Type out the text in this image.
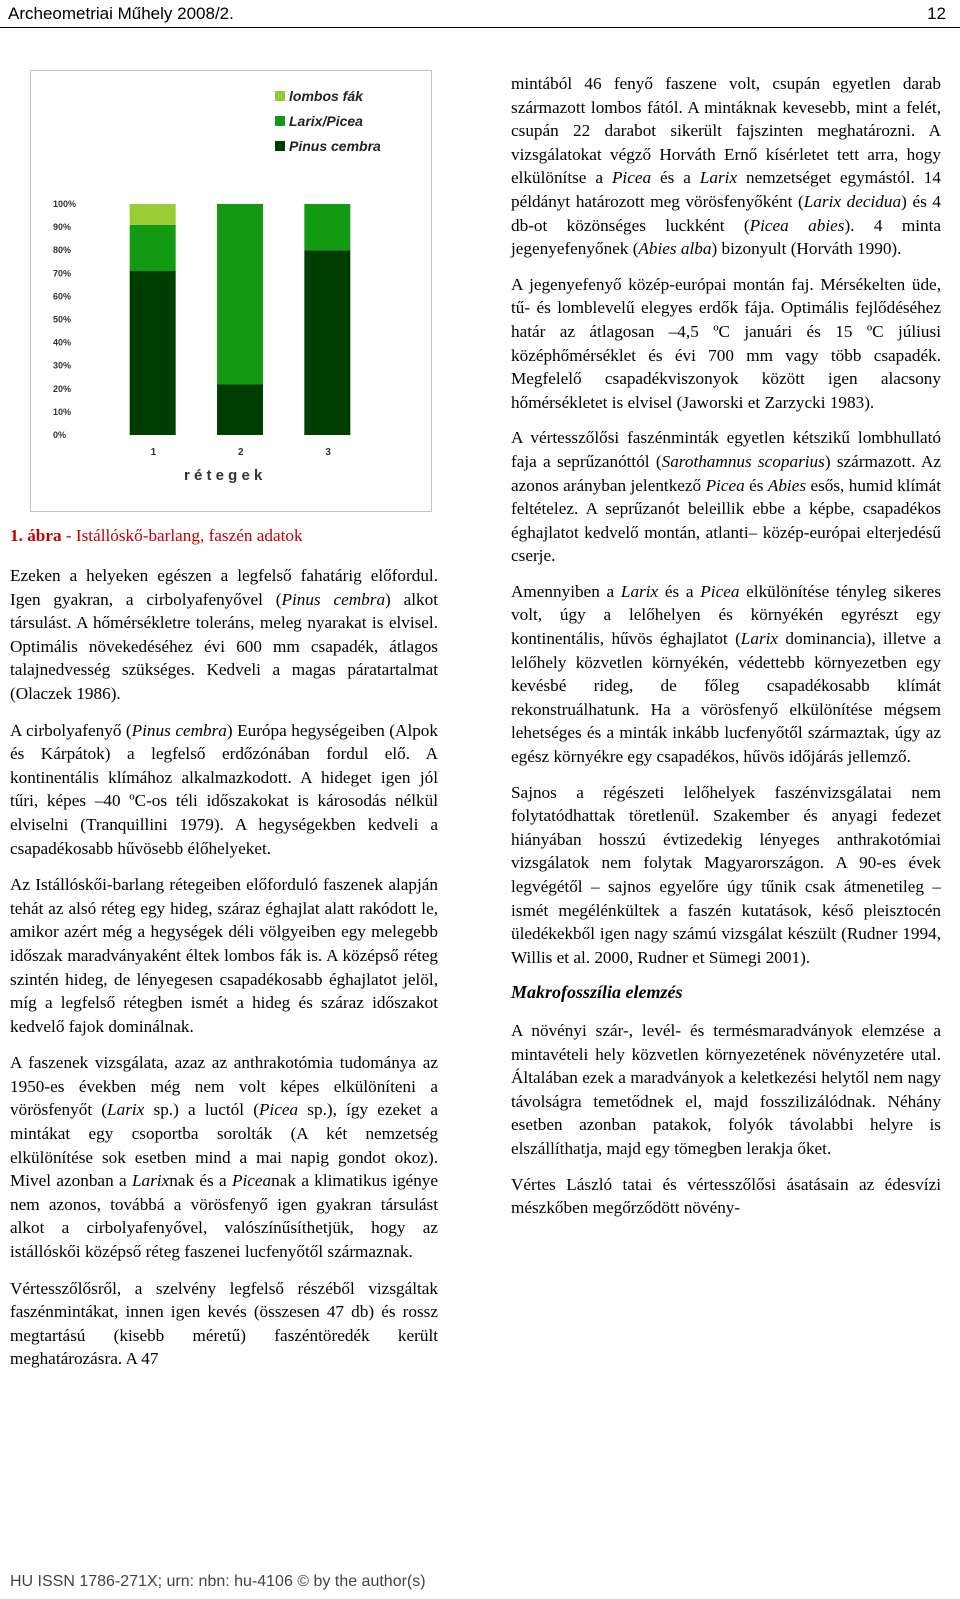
Archeometriai Műhely 2008/2.	12
0%
10%
20%
30%
40%
50%
60%
70%
80%
90%
100%
1	2	3
r é t e g e k
lombos fák
Larix/Picea
Pinus cembra
1. ábra - Istállóskő-barlang, faszén adatok

Ezeken a helyeken egészen a legfelső fahatárig előfordul. Igen gyakran, a cirbolyafenyővel (Pinus cembra) alkot társulást. A hőmérsékletre toleráns, meleg nyarakat is elvisel. Optimális növekedéséhez évi 600 mm csapadék, átlagos talajnedvesség szükséges. Kedveli a magas páratartalmat (Olaczek 1986).

A cirbolyafenyő (Pinus cembra) Európa hegységeiben (Alpok és Kárpátok) a legfelső erdőzónában fordul elő. A kontinentális klímához alkalmazkodott. A hideget igen jól tűri, képes –40 ºC-os téli időszakokat is károsodás nélkül elviselni (Tranquillini 1979). A hegységekben kedveli a csapadékosabb hűvösebb élőhelyeket.

Az Istállóskői-barlang rétegeiben előforduló faszenek alapján tehát az alsó réteg egy hideg, száraz éghajlat alatt rakódott le, amikor azért még a hegységek déli völgyeiben egy melegebb időszak maradványaként éltek lombos fák is. A középső réteg szintén hideg, de lényegesen csapadékosabb éghajlatot jelöl, míg a legfelső rétegben ismét a hideg és száraz időszakot kedvelő fajok dominálnak.

A faszenek vizsgálata, azaz az anthrakotómia tudománya az 1950-es években még nem volt képes elkülöníteni a vörösfenyőt (Larix sp.) a luctól (Picea sp.), így ezeket a mintákat egy csoportba sorolták (A két nemzetség elkülönítése sok esetben mind a mai napig gondot okoz). Mivel azonban a Larixnak és a Piceanak a klimatikus igénye nem azonos, továbbá a vörösfenyő igen gyakran társulást alkot a cirbolyafenyővel, valószínűsíthetjük, hogy az istállóskői középső réteg faszenei lucfenyőtől származnak.

Vértesszőlősről, a szelvény legfelső részéből vizsgáltak faszénmintákat, innen igen kevés (összesen 47 db) és rossz megtartású (kisebb méretű) faszéntöredék került meghatározásra. A 47

mintából 46 fenyő faszene volt, csupán egyetlen darab származott lombos fától. A mintáknak kevesebb, mint a felét, csupán 22 darabot sikerült fajszinten meghatározni. A vizsgálatokat végző Horváth Ernő kísérletet tett arra, hogy elkülönítse a Picea és a Larix nemzetséget egymástól. 14 példányt határozott meg vörösfenyőként (Larix decidua) és 4 db-ot közönséges luckként (Picea abies). 4 minta jegenyefenyőnek (Abies alba) bizonyult (Horváth 1990).

A jegenyefenyő közép-európai montán faj. Mérsékelten üde, tű- és lomblevelű elegyes erdők fája. Optimális fejlődéséhez határ az átlagosan –4,5 ºC januári és 15 ºC júliusi középhőmérséklet és évi 700 mm vagy több csapadék. Megfelelő csapadékviszonyok között igen alacsony hőmérsékletet is elvisel (Jaworski et Zarzycki 1983).

A vértesszőlősi faszénminták egyetlen kétszikű lombhullató faja a seprűzanóttól (Sarothamnus scoparius) származott. Az azonos arányban jelentkező Picea és Abies esős, humid klímát feltételez. A seprűzanót beleillik ebbe a képbe, csapadékos éghajlatot kedvelő montán, atlanti– közép-európai elterjedésű cserje.

Amennyiben a Larix és a Picea elkülönítése tényleg sikeres volt, úgy a lelőhelyen és környékén egyrészt egy kontinentális, hűvös éghajlatot (Larix dominancia), illetve a lelőhely közvetlen környékén, védettebb környezetben egy kevésbé rideg, de főleg csapadékosabb klímát rekonstruálhatunk. Ha a vörösfenyő elkülönítése mégsem lehetséges és a minták inkább lucfenyőtől származtak, úgy az egész környékre egy csapadékos, hűvös időjárás jellemző.

Sajnos a régészeti lelőhelyek faszénvizsgálatai nem folytatódhattak töretlenül. Szakember és anyagi fedezet hiányában hosszú évtizedekig lényeges anthrakotómiai vizsgálatok nem folytak Magyarországon. A 90-es évek legvégétől – sajnos egyelőre úgy tűnik csak átmenetileg – ismét megélénkültek a faszén kutatások, késő pleisztocén üledékekből igen nagy számú vizsgálat készült (Rudner 1994, Willis et al. 2000, Rudner et Sümegi 2001).

Makrofosszília elemzés

A növényi szár-, levél- és termésmaradványok elemzése a mintavételi hely közvetlen környezetének növényzetére utal. Általában ezek a maradványok a keletkezési helytől nem nagy távolságra temetődnek el, majd fosszilizálódnak. Néhány esetben azonban patakok, folyók távolabbi helyre is elszállíthatja, majd egy tömegben lerakja őket.

Vértes László tatai és vértesszőlősi ásatásain az édesvízi mészkőben megőrződött növény-

HU ISSN 1786-271X; urn: nbn: hu-4106 © by the author(s)
